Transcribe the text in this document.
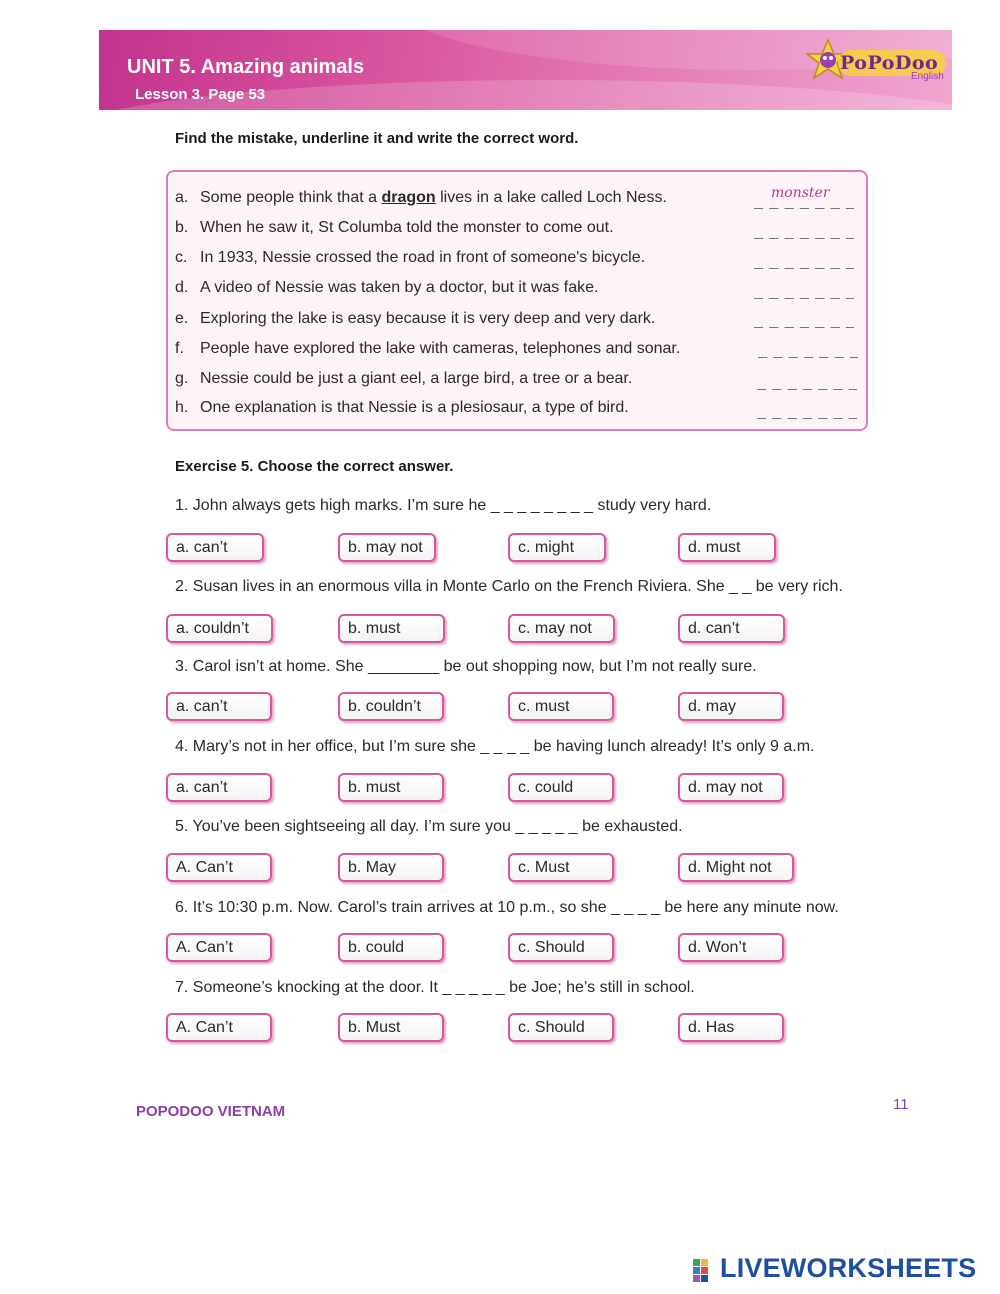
UNIT 5. Amazing animals
Lesson 3. Page 53
PoPoDoo
English
Find the mistake, underline it and write the correct word.
a. Some people think that a dragon lives in a lake called Loch Ness.	monster
_ _ _ _ _ _ _ _
b. When he saw it, St Columba told the monster to come out.
_ _ _ _ _ _ _ _
c. In 1933, Nessie crossed the road in front of someone's bicycle.
_ _ _ _ _ _ _ _
d. A video of Nessie was taken by a doctor, but it was fake.
_ _ _ _ _ _ _ _
e. Exploring the lake is easy because it is very deep and very dark.
_ _ _ _ _ _ _ _
f. People have explored the lake with cameras, telephones and sonar.
_ _ _ _ _ _ _ _
g. Nessie could be just a giant eel, a large bird, a tree or a bear.
_ _ _ _ _ _ _ _
h. One explanation is that Nessie is a plesiosaur, a type of bird.
_ _ _ _ _ _ _ _
Exercise 5. Choose the correct answer.
1. John always gets high marks. I’m sure he _ _ _ _ _ _ _ _ study very hard.
a. can’t	b. may not	c. might	d. must
2. Susan lives in an enormous villa in Monte Carlo on the French Riviera. She _ _ be very rich.
a. couldn’t	b. must	c. may not	d. can’t
3. Carol isn’t at home. She ________ be out shopping now, but I’m not really sure.
a. can’t	b. couldn’t	c. must	d. may
4. Mary’s not in her office, but I’m sure she _ _ _ _ be having lunch already! It’s only 9 a.m.
a. can’t	b. must	c. could	d. may not
5. You’ve been sightseeing all day. I’m sure you _ _ _ _ _ be exhausted.
A. Can’t	b. May	c. Must	d. Might not
6. It’s 10:30 p.m. Now. Carol’s train arrives at 10 p.m., so she _ _ _ _ be here any minute now.
A. Can’t	b. could	c. Should	d. Won’t
7. Someone’s knocking at the door. It _ _ _ _ _ be Joe; he’s still in school.
A. Can’t	b. Must	c. Should	d. Has
POPODOO VIETNAM	11
LIVEWORKSHEETS
